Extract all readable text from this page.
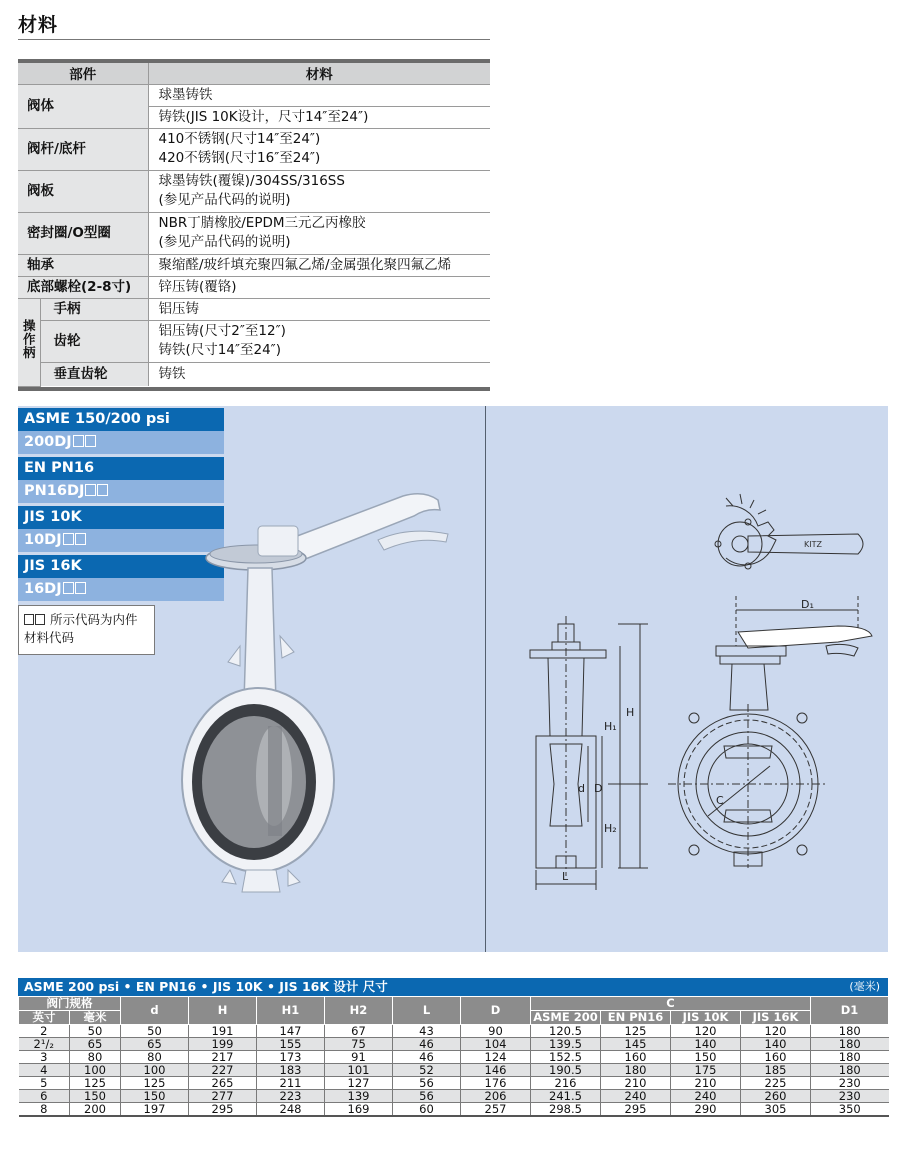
材料
部件		材料
阀体		球墨铸铁
		铸铁(JIS 10K设计，尺寸14″至24″)
阀杆/底杆		410不锈钢(尺寸14″至24″)
420不锈钢(尺寸16″至24″)

阀板		球墨铸铁(覆镍)/304SS/316SS
(参见产品代码的说明)

密封圈/O型圈		NBR丁腈橡胶/EPDM三元乙丙橡胶
(参见产品代码的说明)

轴承		聚缩醛/玻纤填充聚四氟乙烯/金属强化聚四氟乙烯
底部螺栓(2-8寸)		锌压铸(覆铬)
操作柄	手柄	铝压铸
	齿轮	铝压铸(尺寸2″至12″)
铸铁(尺寸14″至24″)

	垂直齿轮	铸铁
ASME 150/200 psi
200DJ
EN PN16
PN16DJ
JIS 10K
10DJ
JIS 16K
16DJ
所示代码为内件
材料代码
KITZ
D₁
C
H
H₁
H₂
d D
L
ASME 200 psi • EN PN16 • JIS 10K • JIS 16K 设计 尺寸	(毫米)
阀门规格		d	H	H1	H2	L	D	C				D1
英寸	毫米							ASME 200	EN PN16	JIS 10K	JIS 16K	
2	50	50	191	147	67	43	90	120.5	125	120	120	180
2¹/₂	65	65	199	155	75	46	104	139.5	145	140	140	180
3	80	80	217	173	91	46	124	152.5	160	150	160	180
4	100	100	227	183	101	52	146	190.5	180	175	185	180
5	125	125	265	211	127	56	176	216	210	210	225	230
6	150	150	277	223	139	56	206	241.5	240	240	260	230
8	200	197	295	248	169	60	257	298.5	295	290	305	350
